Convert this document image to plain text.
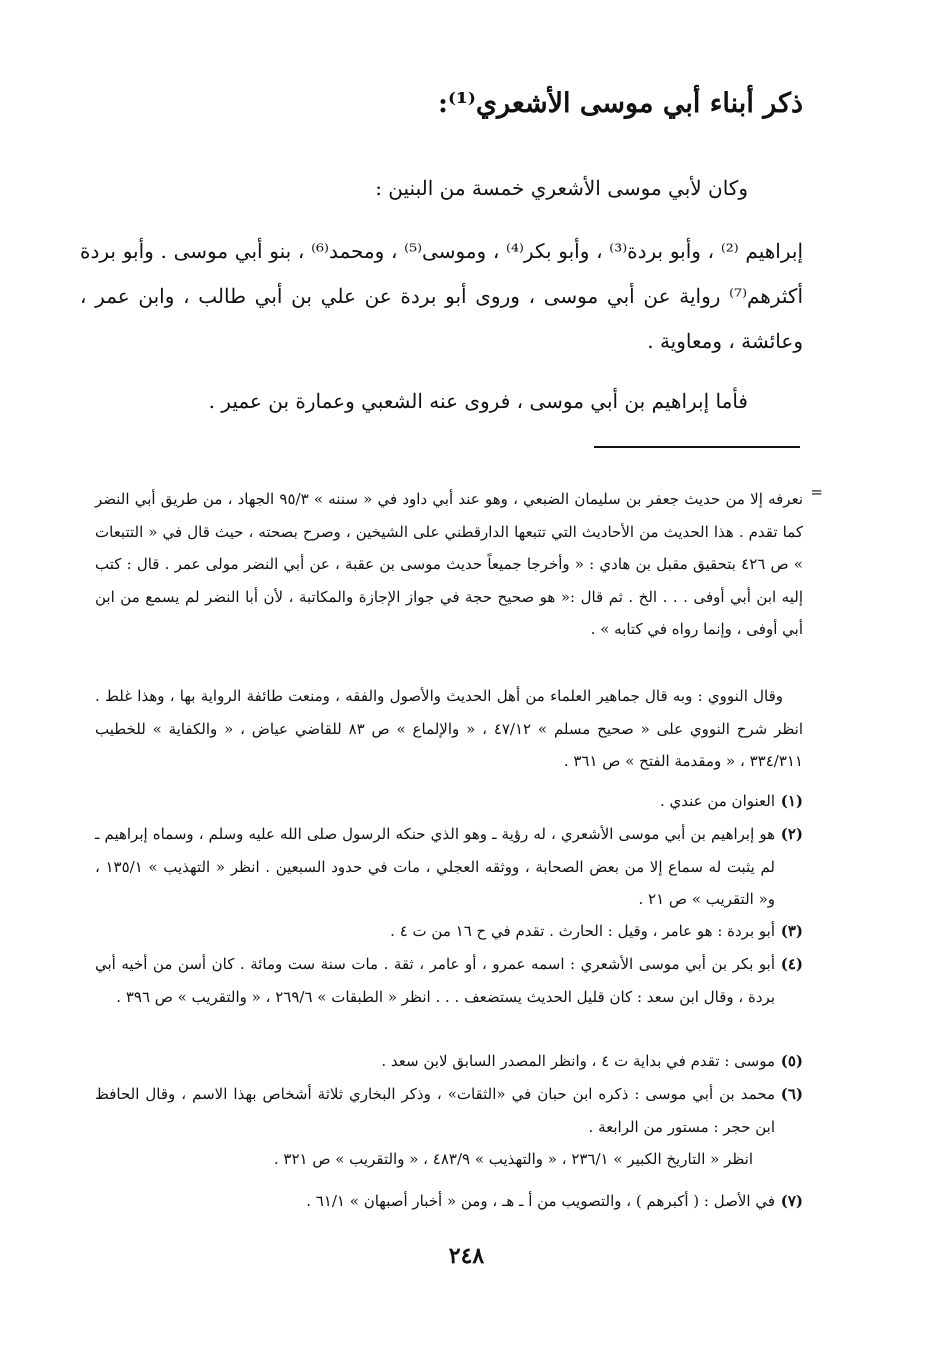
ذكر أبناء أبي موسى الأشعري⁽¹⁾:

وكان لأبي موسى الأشعري خمسة من البنين :

إبراهيم ⁽²⁾ ، وأبو بردة⁽³⁾ ، وأبو بكر⁽⁴⁾ ، وموسى⁽⁵⁾ ، ومحمد⁽⁶⁾ ، بنو أبي موسى . وأبو بردة أكثرهم⁽⁷⁾ رواية عن أبي موسى ، وروى أبو بردة عن علي بن أبي طالب ، وابن عمر ، وعائشة ، ومعاوية .

فأما إبراهيم بن أبي موسى ، فروى عنه الشعبي وعمارة بن عمير .

=

نعرفه إلا من حديث جعفر بن سليمان الضبعي ، وهو عند أبي داود في « سننه » ٩٥/٣ الجهاد ، من طريق أبي النضر كما تقدم . هذا الحديث من الأحاديث التي تتبعها الدارقطني على الشيخين ، وصرح بصحته ، حيث قال في « التتبعات » ص ٤٢٦ بتحقيق مقبل بن هادي : « وأخرجا جميعاً حديث موسى بن عقبة ، عن أبي النضر مولى عمر . قال : كتب إليه ابن أبي أوفى . . . الخ . ثم قال :« هو صحيح حجة في جواز الإجازة والمكاتبة ، لأن أبا النضر لم يسمع من ابن أبي أوفى ، وإنما رواه في كتابه » .

وقال النووي : وبه قال جماهير العلماء من أهل الحديث والأصول والفقه ، ومنعت طائفة الرواية بها ، وهذا غلط . انظر شرح النووي على « صحيح مسلم » ٤٧/١٢ ، « والإلماع » ص ٨٣ للقاضي عياض ، « والكفاية » للخطيب ٣٣٤/٣١١ ، « ومقدمة الفتح » ص ٣٦١ .

(١)
العنوان من عندي .
(٢)
هو إبراهيم بن أبي موسى الأشعري ، له رؤية ـ وهو الذي حنكه الرسول صلى الله عليه وسلم ، وسماه إبراهيم ـ لم يثبت له سماع إلا من بعض الصحابة ، ووثقه العجلي ، مات في حدود السبعين . انظر « التهذيب » ١٣٥/١ ، و« التقريب » ص ٢١ .
(٣)
أبو بردة : هو عامر ، وقيل : الحارث . تقدم في ح ١٦ من ت ٤ .
(٤)
أبو بكر بن أبي موسى الأشعري : اسمه عمرو ، أو عامر ، ثقة . مات سنة ست ومائة . كان أسن من أخيه أبي بردة ، وقال ابن سعد : كان قليل الحديث يستضعف . . . انظر « الطبقات » ٢٦٩/٦ ، « والتقريب » ص ٣٩٦ .
(٥)
موسى : تقدم في بداية ت ٤ ، وانظر المصدر السابق لابن سعد .
(٦)
محمد بن أبي موسى : ذكره ابن حبان في «الثقات» ، وذكر البخاري ثلاثة أشخاص بهذا الاسم ، وقال الحافظ ابن حجر : مستور من الرابعة .

انظر « التاريخ الكبير » ٢٣٦/١ ، « والتهذيب » ٤٨٣/٩ ، « والتقريب » ص ٣٢١ .

(٧)
في الأصل : ( أكبرهم ) ، والتصويب من أ ـ هـ ، ومن « أخبار أصبهان » ٦١/١ .
٢٤٨
